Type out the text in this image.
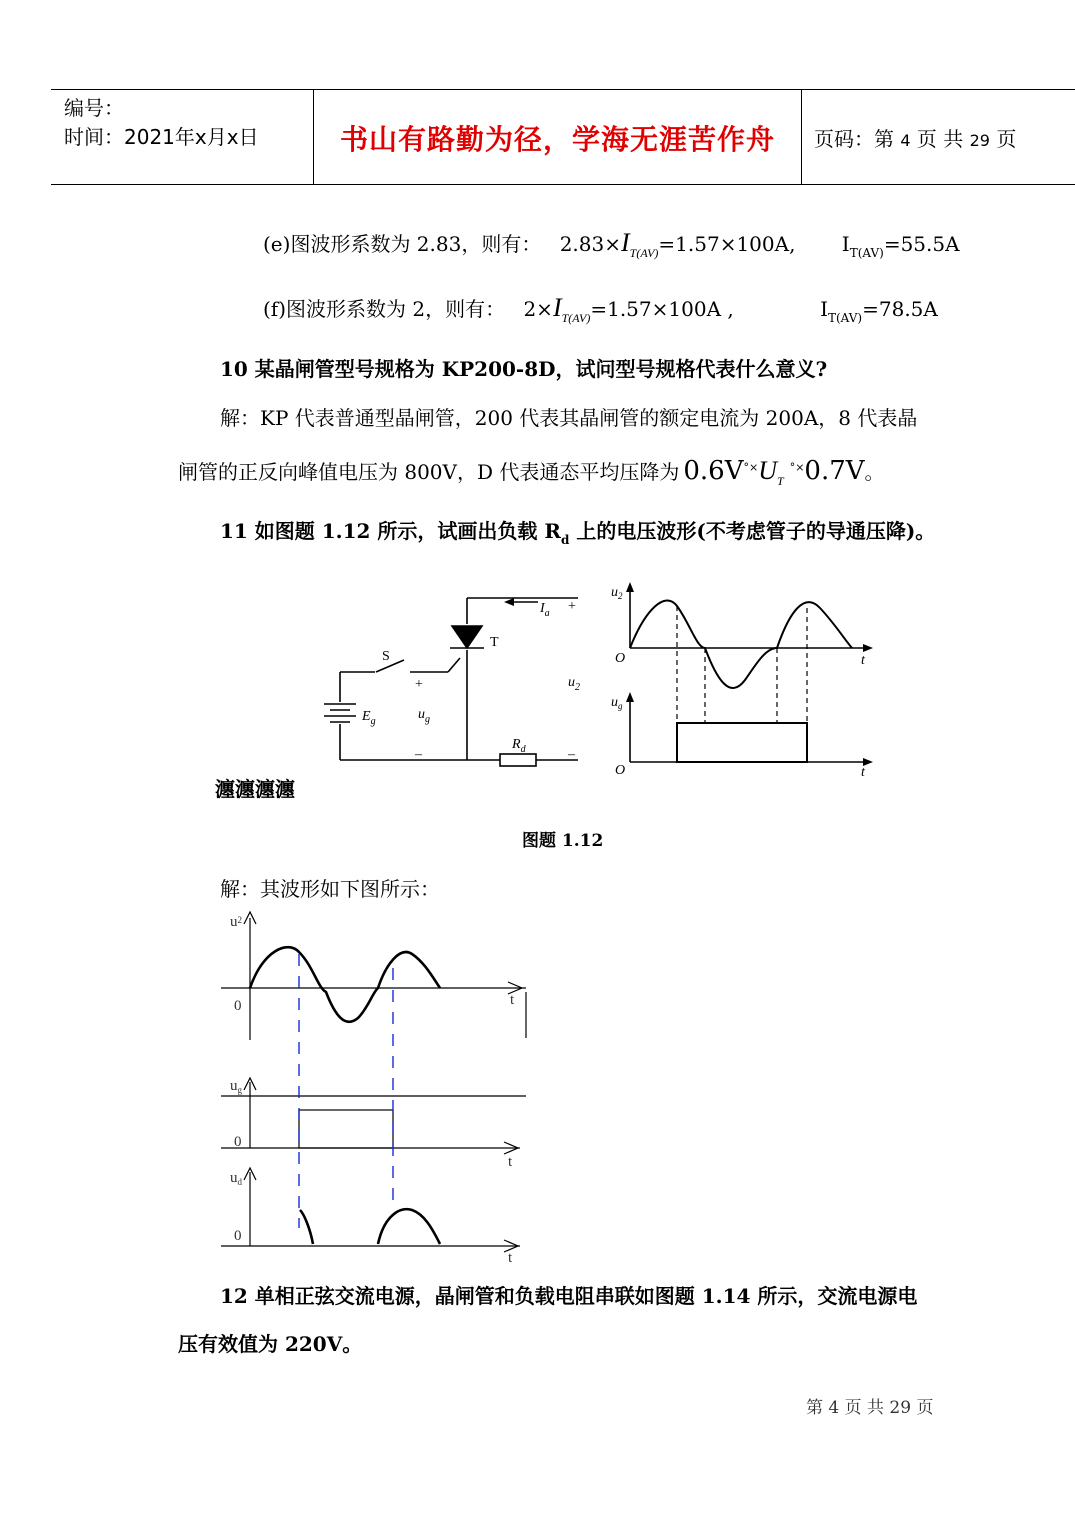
编号：
时间：2021年x月x日	书山有路勤为径，学海无涯苦作舟	页码：第 4 页 共 29 页
(e)图波形系数为 2.83，则有： $2.83\times I_{T(AV)}=1.57\times 100A$, $I_{T(AV)}=55.5A$
(f)图波形系数为 2，则有： $2\times I_{T(AV)}=1.57\times 100A$ ,	$I_{T(AV)}=78.5A$
10 某晶闸管型号规格为 KP200-8D，试问型号规格代表什么意义?
解：KP 代表普通型晶闸管，200 代表其晶闸管的额定电流为 200A，8 代表晶
闸管的正反向峰值电压为 800V，D 代表通态平均压降为 $0.6V^{^\circ\times}U_T^{^\circ\times}0.7V$。
11 如图题 1.12 所示，试画出负载 $R_d$ 上的电压波形(不考虑管子的导通压降)。
S
T
$I_a$ +
+	$u_2$
$E_g$	$u_g$
–
$R_d$	–
$u_2$
O	t
$u_g$
O	t
瀍瀍瀍瀍
图题 1.12
解：其波形如下图所示：
$u^2$
0	t
$u_g$
0
t
$u_d$
0
t
12 单相正弦交流电源，晶闸管和负载电阻串联如图题 1.14 所示，交流电源电
压有效值为 220V。
第 4 页 共 29 页
